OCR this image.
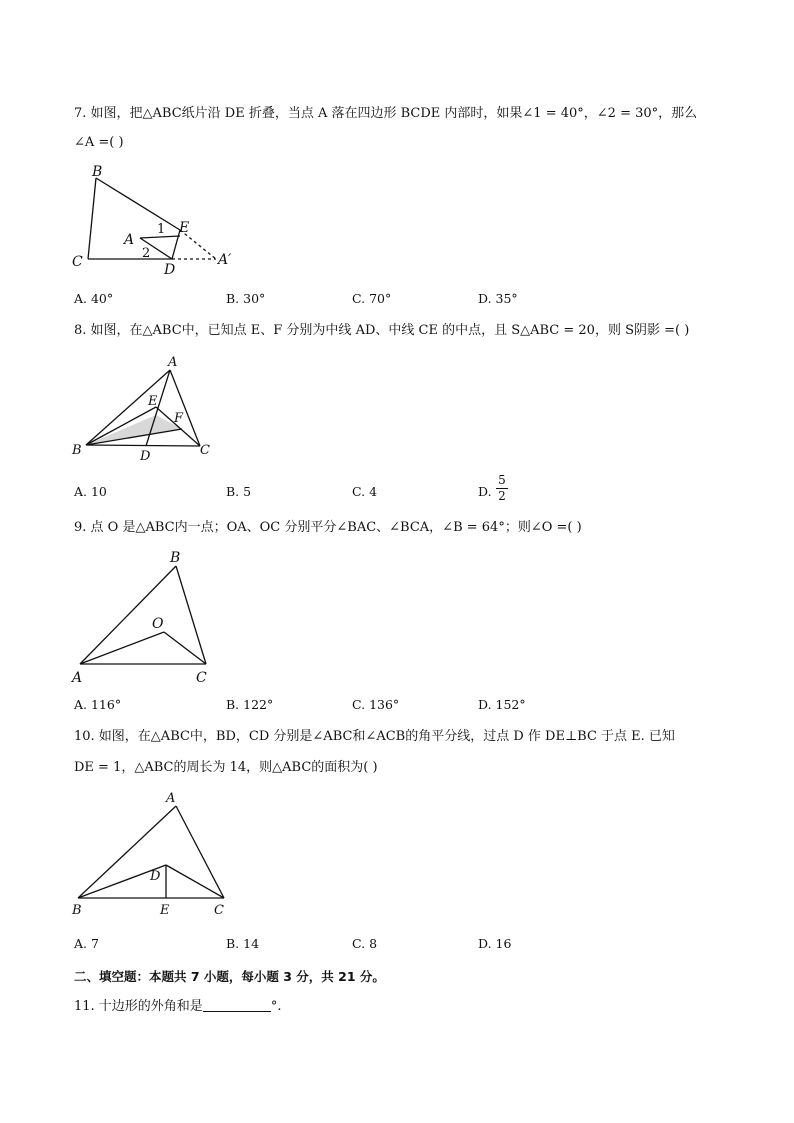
7. 如图，把△ABC纸片沿 DE 折叠，当点 A 落在四边形 BCDE 内部时，如果∠1 = 40°，∠2 = 30°，那么
∠A =( )
B
C
A
E
D
A′
1
2
A. 40°	B. 30°	C. 70°	D. 35°
8. 如图，在△ABC中，已知点 E、F 分别为中线 AD、中线 CE 的中点，且 S△ABC = 20，则 S阴影 =( )
A
E
F
B	D	C
A. 10	B. 5	C. 4	D.
5
2
9. 点 O 是△ABC内一点；OA、OC 分别平分∠BAC、∠BCA，∠B = 64°；则∠O =( )
B
O
A	C
A. 116°	B. 122°	C. 136°	D. 152°
10. 如图，在△ABC中，BD，CD 分别是∠ABC和∠ACB的角平分线，过点 D 作 DE⊥BC 于点 E. 已知
DE = 1，△ABC的周长为 14，则△ABC的面积为( )
A
D
B	E	C
A. 7	B. 14	C. 8	D. 16
二、填空题：本题共 7 小题，每小题 3 分，共 21 分。
11. 十边形的外角和是	°.
